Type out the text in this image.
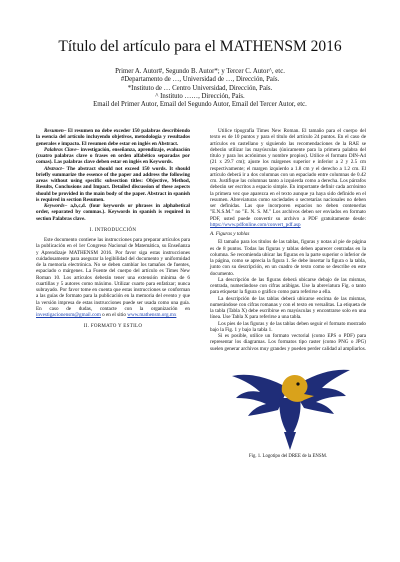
Título del artículo para el MATHENSM 2016
Primer A. Autor#, Segundo B. Autor*; y Tercer C. Autor^, etc.
#Departamento de …, Universidad de …, Dirección, País.
*Instituto de … Centro Universidad, Dirección, País.
^ Instituto ……, Dirección, País.
Email del Primer Autor, Email del Segundo Autor, Email del Tercer Autor, etc.

Resumen– El resumen no debe exceder 150 palabras describiendo la esencia del artículo incluyendo objetivos, metodología y resultados generales e impacto. El resumen debe estar en inglés en Abstract.

Palabras Clave– investigación, enseñanza, aprendizaje, evaluación (cuatro palabras clave o frases en orden alfabético separadas por comas). Las palabras clave deben estar en inglés en Keywords.

Abstract– The abstract should not exceed 150 words. It should briefly summarize the essence of the paper and address the following areas without using specific subsection titles: Objective, Method, Results, Conclusions and Impact. Detailed discussion of these aspects should be provided in the main body of the paper. Abstract in spanish is required in section Resumen.

Keywords– a,b,c,d. (four keywords or phrases in alphabetical order, separated by commas.). Keywords in spanish is required in section Palabras clave.

I. INTRODUCCIÓN

Este documento contiene las instrucciones para preparar artículos para la publicación en el 1er Congreso Nacional de Matemática, su Enseñanza y Aprendizaje MATHENSM 2016. Por favor siga estas instrucciones cuidadosamente para asegurar la legibilidad del documento y uniformidad de la memoria electrónica. No se deben cambiar los tamaños de fuentes, espaciado o márgenes. La Fuente del cuerpo del artículo es Times New Roman 10. Los artículos deberán tener una extensión mínima de 6 cuartillas y 5 autores como máximo. Utilizar cuarto para enfatizar; nunca subrayado. Por favor tome en cuenta que estas instrucciones se conforman a las guías de formato para la publicación en la memoria del evento y que la versión impresa de estas instrucciones puede ser usada como una guía. En caso de dudas, contacte con la organización en investigacionensm@gmail.com o en el sitio www.mathensm.org.mx

II. FORMATO Y ESTILO

Utilice tipografía Times New Roman. El tamaño para el cuerpo del texto es de 10 puntos y para el título del artículo 24 puntos. En el caso de artículos en castellano y siguiendo las recomendaciones de la RAE se deberán utilizar las mayúsculas (únicamente para la primera palabra del título y para los acrónimos y nombre propios). Utilice el formato DIN-A4 (21 x 29.7 cm); ajuste los márgenes superior e inferior a 2 y 2.5 cm respectivamente; el margen izquierdo a 1.8 cm y el derecho a 1.2 cm. El artículo deberá ir a dos columnas con un espaciado entre columnas de 0.42 cm. Justifique las columnas tanto a izquierda como a derecha. Los párrafos deberán ser escritos a espacio simple. En importante definir cada acrónimo la primera vez que aparezca en el texto aunque ya haya sido definido en el resumen. Abreviaturas como sociedades o secretarías nacionales no deben ser definidas. Las que incorporen espacios no deben contenerlas "E.N.S.M." no "E. N. S. M." Los archivos deben ser enviados en formato PDF, usted puede convertir su archivo a PDF gratuitamente desde: https://www.pdfonline.com/convert_pdf.asp

A. Figuras y tablas

El tamaño para los títulos de las tablas, figuras y notas al pie de página es de 8 puntos. Todas las figuras y tablas deben aparecer centradas en la columna. Se recomienda ubicar las figuras en la parte superior o inferior de la página, como se aprecia la figura 1. Se debe insertar la figura o la tabla, junto con su descripción, en un cuadro de texto como se describe en este documento.

La descripción de las figuras deberá ubicarse debajo de las mismas, centrada, numerándose con cifras arábigas. Use la abreviatura Fig. o tanto para etiquetar la figura o gráfico como para referirse a ella.

La descripción de las tablas deberá ubicarse encima de las mismas, numerándose con cifras romanas y con el texto en versalitas. La etiqueta de la tabla (Tabla X) debe escribirse en mayúsculas y encontrarse solo en una línea. Use Tabla X para referirse a una tabla.

Los pies de las figuras y de las tablas deben seguir el formato mostrado bajo la Fig. 1 y bajo la tabla 1.

Si es posible, utilice un formato vectorial (como EPS o PDF) para representar los diagramas. Los formatos tipo raster (como PNG o JPG) suelen generar archivos muy grandes y pueden perder calidad al ampliarlos.

Fig. 1. Logotipo del DREE de la ENSM.
